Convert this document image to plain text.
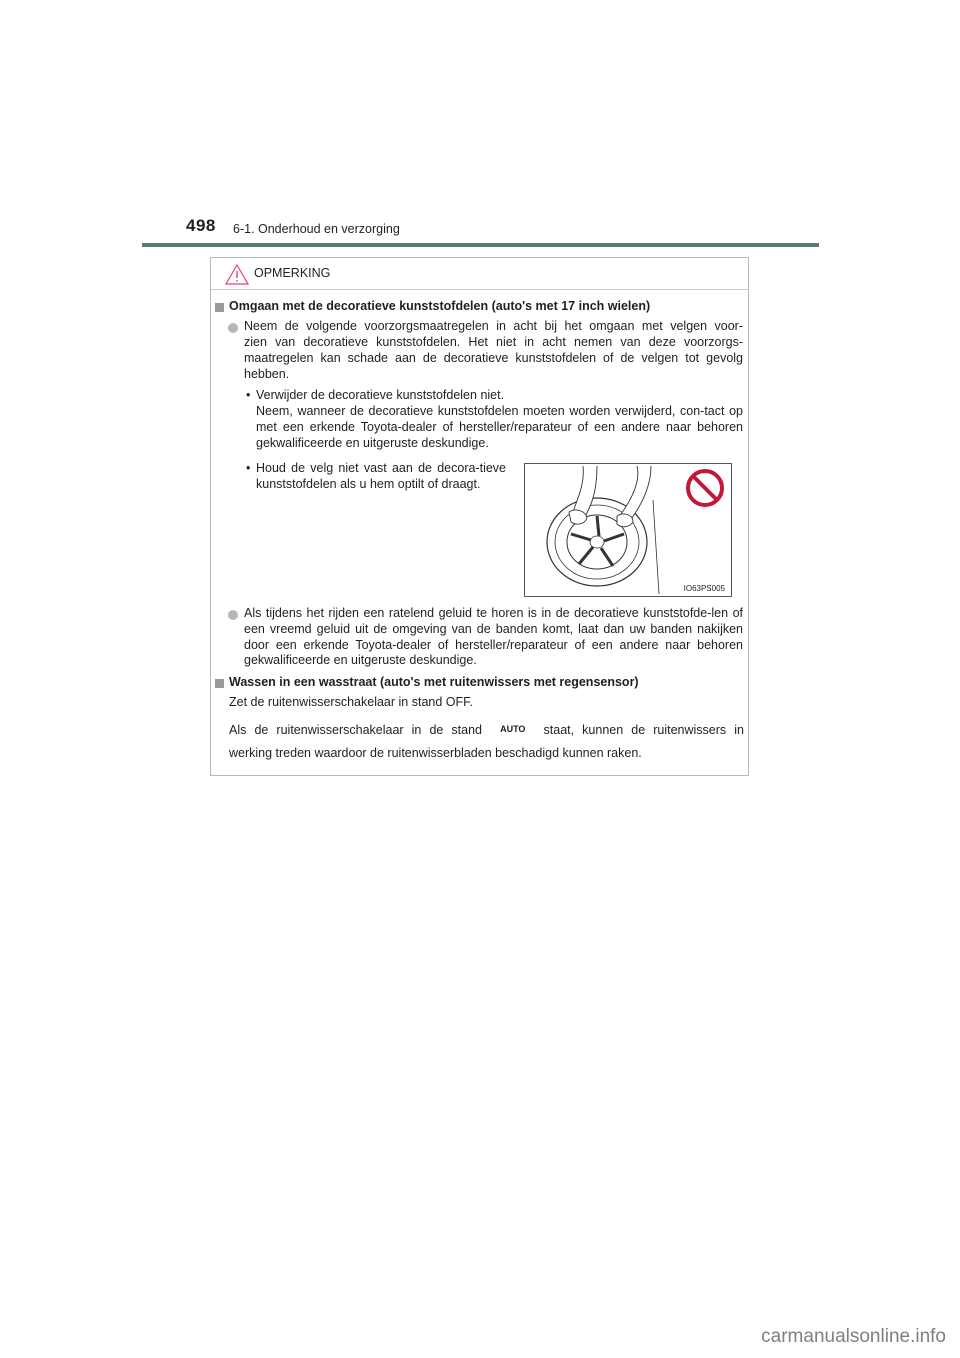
498 6-1. Onderhoud en verzorging
OPMERKING
Omgaan met de decoratieve kunststofdelen (auto's met 17 inch wielen)
Neem de volgende voorzorgsmaatregelen in acht bij het omgaan met velgen voor-
zien van decoratieve kunststofdelen. Het niet in acht nemen van deze voorzorgs-maatregelen kan schade aan de decoratieve kunststofdelen of de velgen tot gevolg hebben.
• Verwijder de decoratieve kunststofdelen niet.
Neem, wanneer de decoratieve kunststofdelen moeten worden verwijderd, con-tact op met een erkende Toyota-dealer of hersteller/reparateur of een andere naar behoren gekwalificeerde en uitgeruste deskundige.
• Houd de velg niet vast aan de decora-tieve kunststofdelen als u hem optilt of draagt.
IO63PS005
Als tijdens het rijden een ratelend geluid te horen is in de decoratieve kunststofde-len of een vreemd geluid uit de omgeving van de banden komt, laat dan uw banden nakijken door een erkende Toyota-dealer of hersteller/reparateur of een andere naar behoren gekwalificeerde en uitgeruste deskundige.
Wassen in een wasstraat (auto's met ruitenwissers met regensensor)
Zet de ruitenwisserschakelaar in stand OFF.
Als de ruitenwisserschakelaar in de stand AUTO staat, kunnen de ruitenwissers in
werking treden waardoor de ruitenwisserbladen beschadigd kunnen raken.
carmanualsonline.info
